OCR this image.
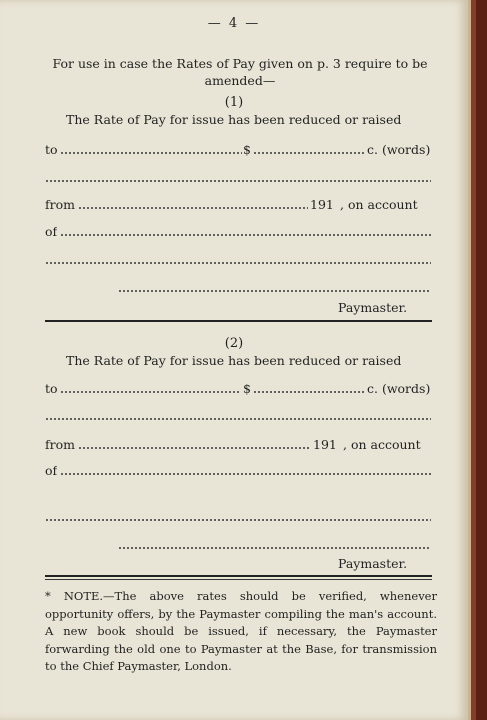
— 4 —
For use in case the Rates of Pay given on p. 3 require to be amended—
(1)
The Rate of Pay for issue has been reduced or raised
to	$	c. (words)
from	191 , on account
of
Paymaster.
(2)
The Rate of Pay for issue has been reduced or raised
to	$	c. (words)
from	191 , on account
of
Paymaster.
* NOTE.—The above rates should be verified, whenever opportunity offers, by the Paymaster compiling the man's account. A new book should be issued, if necessary, the Paymaster forwarding the old one to Paymaster at the Base, for transmission to the Chief Paymaster, London.
